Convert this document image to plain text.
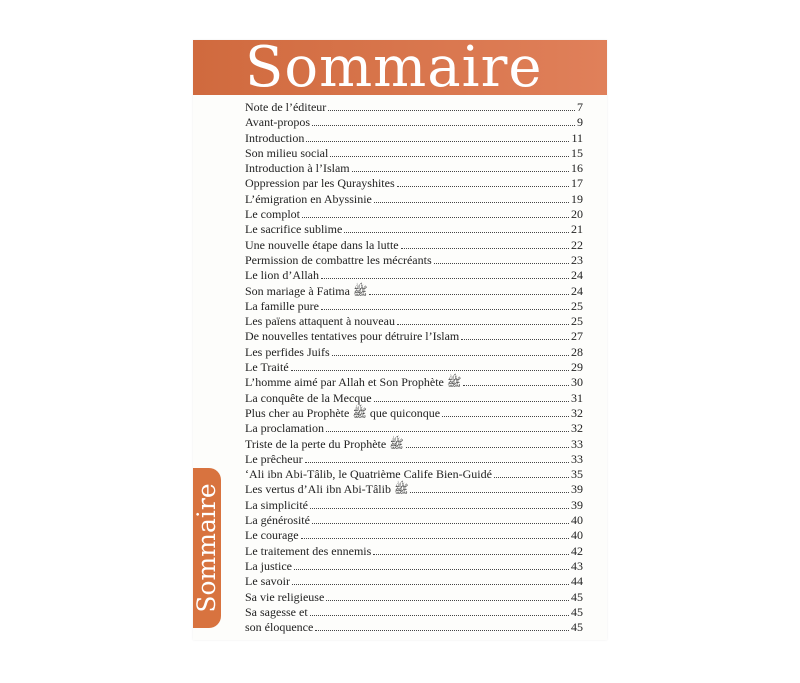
Sommaire
Note de l’éditeur	7
Avant-propos	9
Introduction	11
Son milieu social	15
Introduction à l’Islam	16
Oppression par les Qurayshites	17
L’émigration en Abyssinie	19
Le complot	20
Le sacrifice sublime	21
Une nouvelle étape dans la lutte	22
Permission de combattre les mécréants	23
Le lion d’Allah	24
Son mariage à Fatima ﷺ	24
La famille pure	25
Les païens attaquent à nouveau	25
De nouvelles tentatives pour détruire l’Islam	27
Les perfides Juifs	28
Le Traité	29
L’homme aimé par Allah et Son Prophète ﷺ	30
La conquête de la Mecque	31
Plus cher au Prophète ﷺ que quiconque	32
La proclamation	32
Triste de la perte du Prophète ﷺ	33
Le prêcheur	33
‘Ali ibn Abi-Tâlib, le Quatrième Calife Bien-Guidé	35
Les vertus d’Ali ibn Abi-Tâlib ﷺ	39
La simplicité	39
La générosité	40
Le courage	40
Le traitement des ennemis	42
La justice	43
Le savoir	44
Sa vie religieuse	45
Sa sagesse et	45
son éloquence	45
Sommaire
